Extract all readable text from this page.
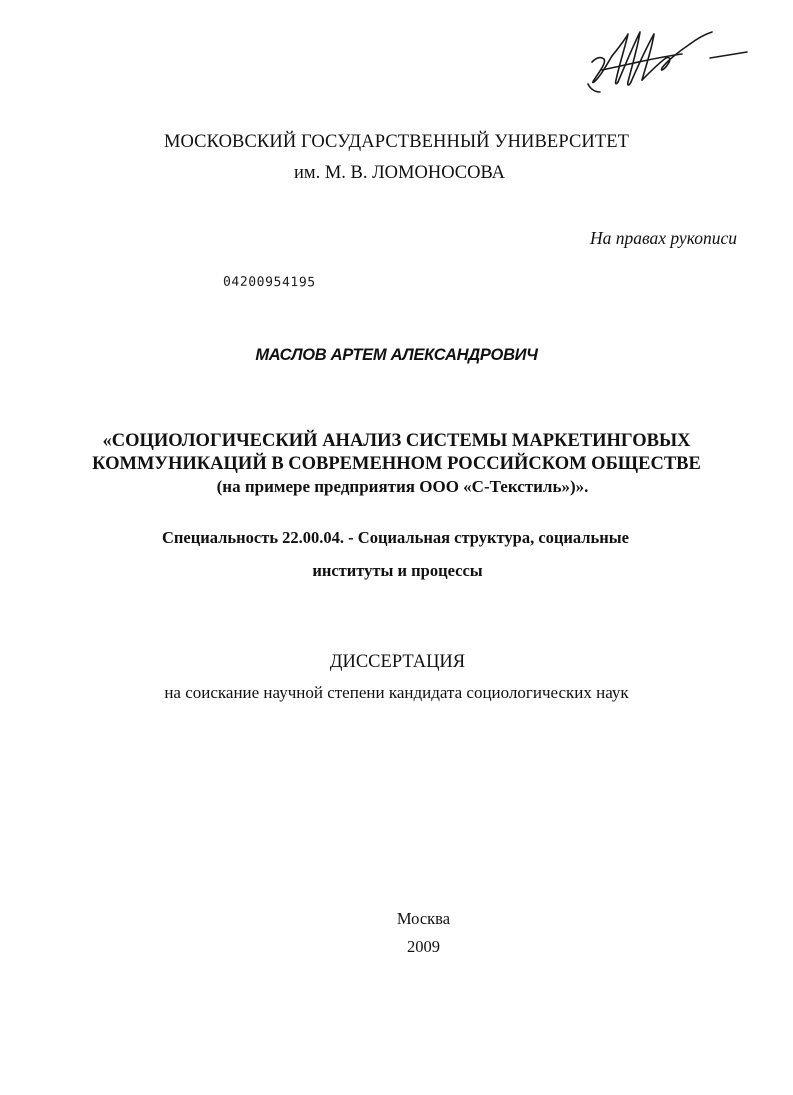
МОСКОВСКИЙ ГОСУДАРСТВЕННЫЙ УНИВЕРСИТЕТ
им. М. В. ЛОМОНОСОВА
На правах рукописи
04200954195
МАСЛОВ АРТЕМ АЛЕКСАНДРОВИЧ
«СОЦИОЛОГИЧЕСКИЙ АНАЛИЗ СИСТЕМЫ МАРКЕТИНГОВЫХ
КОММУНИКАЦИЙ В СОВРЕМЕННОМ РОССИЙСКОМ ОБЩЕСТВЕ
(на примере предприятия ООО «С-Текстиль»)».
Специальность 22.00.04. - Социальная структура, социальные
институты и процессы
ДИССЕРТАЦИЯ
на соискание научной степени кандидата социологических наук
Москва
2009
